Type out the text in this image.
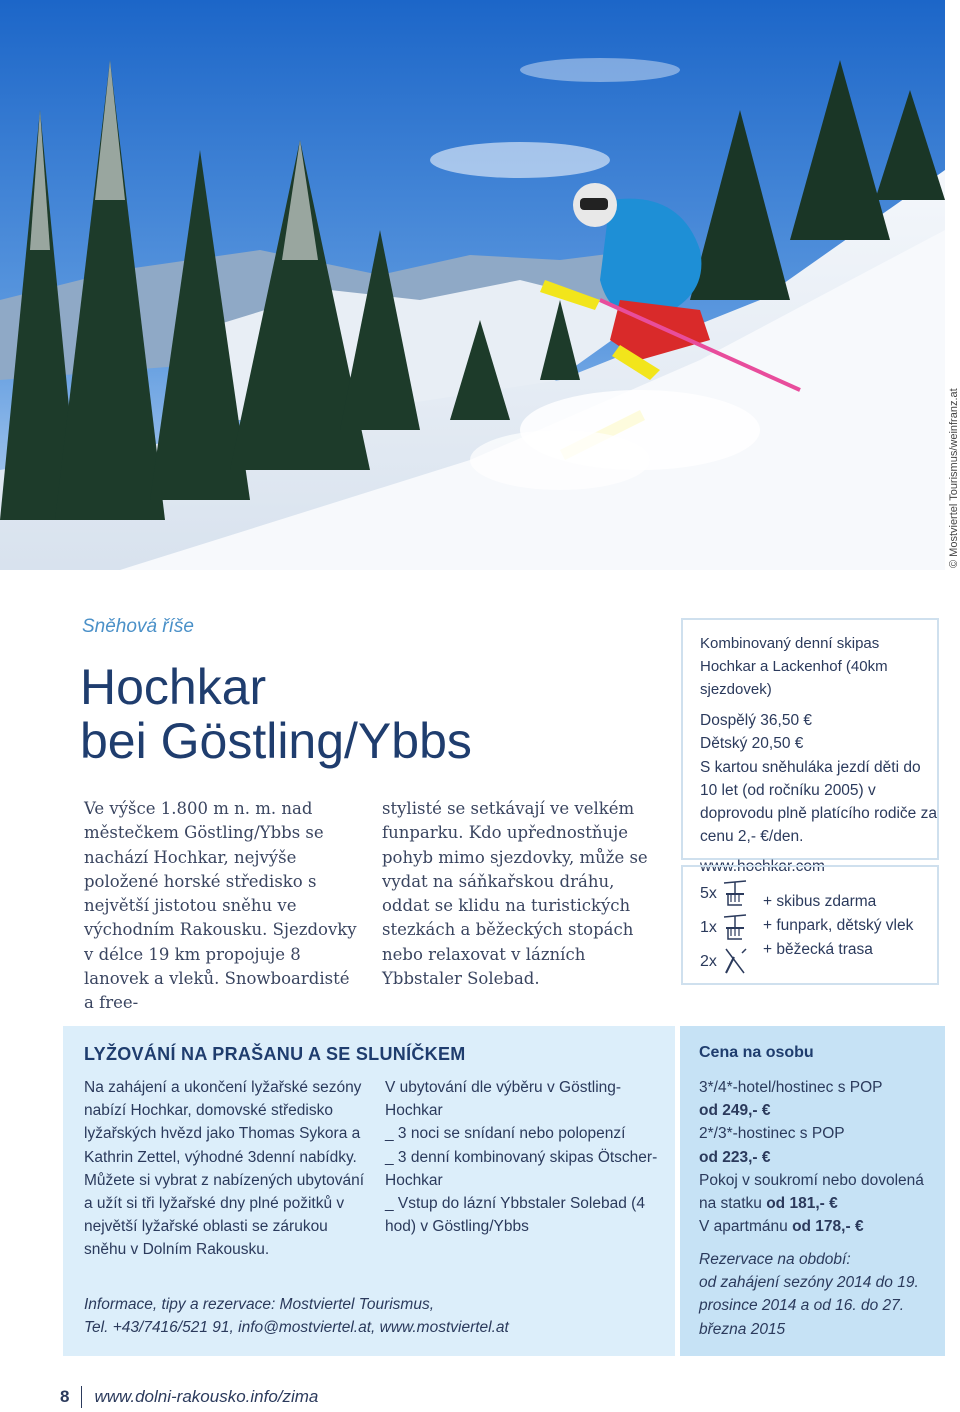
© Mostviertel Tourismus/weinfranz.at
Sněhová říše
Hochkar
bei Göstling/Ybbs
Ve výšce 1.800 m n. m. nad městečkem Göstling/Ybbs se nachází Hochkar, nejvýše položené horské středisko s největší jistotou sněhu ve východním Rakousku. Sjezdovky v délce 19 km propojuje 8 lanovek a vleků. Snowboardisté a free-
stylisté se setkávají ve velkém funparku. Kdo upřednostňuje pohyb mimo sjezdovky, může se vydat na sáňkařskou dráhu, oddat se klidu na turistických stezkách a běžeckých stopách nebo relaxovat v lázních Ybbstaler Solebad.
Kombinovaný denní skipas Hochkar a Lackenhof (40km sjezdovek)
Dospělý 36,50 €
Dětský 20,50 €
S kartou sněhuláka jezdí děti do 10 let (od ročníku 2005) v doprovodu plně platícího rodiče za cenu 2,- €/den.
www.hochkar.com
5x
1x
2x
+ skibus zdarma
+ funpark, dětský vlek
+ běžecká trasa
LYŽOVÁNÍ NA PRAŠANU A SE SLUNÍČKEM
Na zahájení a ukončení lyžařské sezóny nabízí Hochkar, domovské středisko lyžařských hvězd jako Thomas Sykora a Kathrin Zettel, výhodné 3denní nabídky. Můžete si vybrat z nabízených ubytování a užít si tři lyžařské dny plné požitků v největší lyžařské oblasti se zárukou sněhu v Dolním Rakousku.
V ubytování dle výběru v Göstling-Hochkar
_ 3 noci se snídaní nebo polopenzí
_ 3 denní kombinovaný skipas Ötscher-Hochkar
_ Vstup do lázní Ybbstaler Solebad (4 hod) v Göstling/Ybbs
Informace, tipy a rezervace: Mostviertel Tourismus,
Tel. +43/7416/521 91, info@mostviertel.at, www.mostviertel.at
Cena na osobu
3*/4*-hotel/hostinec s POP
od 249,- €
2*/3*-hostinec s POP
od 223,- €
Pokoj v soukromí nebo dovolená na statku od 181,- €
V apartmánu od 178,- €
Rezervace na období:
od zahájení sezóny 2014 do 19. prosince 2014 a od 16. do 27. března 2015
8 www.dolni-rakousko.info/zima
